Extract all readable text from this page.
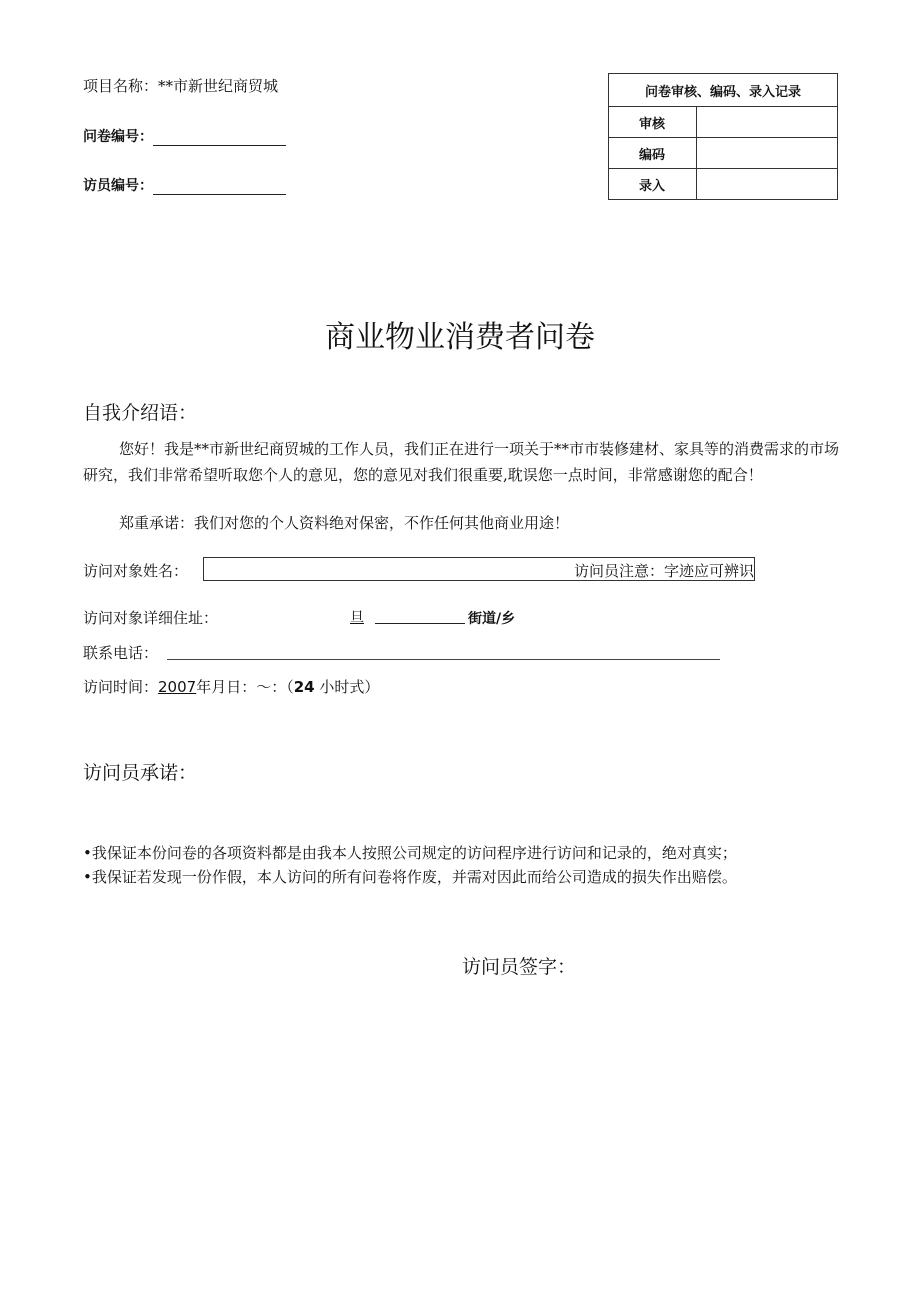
项目名称：**市新世纪商贸城
问卷编号：
访员编号：
问卷审核、编码、录入记录	
审核	
编码	
录入	
商业物业消费者问卷
自我介绍语：
您好！我是**市新世纪商贸城的工作人员，我们正在进行一项关于**市市装修建材、家具等的消费需求的市场研究，我们非常希望听取您个人的意见，您的意见对我们很重要,耽误您一点时间，非常感谢您的配合！
郑重承诺：我们对您的个人资料绝对保密，不作任何其他商业用途！
访问对象姓名：	访问员注意：字迹应可辨识
访问对象详细住址：	旦	街道/乡
联系电话：
访问时间：2007年月日：～：（24 小时式）
访问员承诺：
•我保证本份问卷的各项资料都是由我本人按照公司规定的访问程序进行访问和记录的，绝对真实；
•我保证若发现一份作假，本人访问的所有问卷将作废，并需对因此而给公司造成的损失作出赔偿。
访问员签字：
